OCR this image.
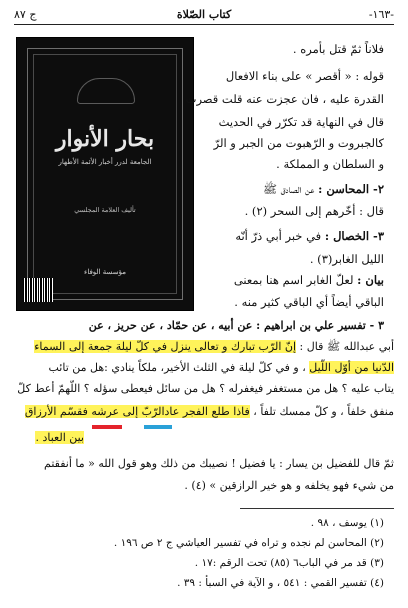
-١٦٣-
كتاب الصّلاة
ج ٨٧
بحار الأنوار
الجامعة لدرر أخبار الأئمة الأطهار
تأليف العلامة المجلسي
مؤسسة الوفاء
فلاناً ثمّ قتل بأمره .
قوله : « أقصر » على بناء الافعال
القدرة عليه ، فان عجزت عنه قلت قصرت
قال في النهاية قد تكرّر في الحديث
كالجبروت و الرّهبوت من الجبر و الرّ
و السلطان و المملكة .
٢- المحاسن : عن الصادق ﷺ
قال : أخّرهم إلى السحر (٢) .
٣- الخصال : في خبر أبي ذرّ أنّه
الليل الغابر(٣) .
بيان : لعلّ الغابر اسم هنا بمعنى
الباقي أيضاً أي الباقي كثير منه .
٣ - تفسير علي بن ابراهيم : عن أبيه ، عن حمّاد ، عن حريز ، عن
أبي عبدالله ﷺ قال : إنّ الرّب تبارك و تعالى ينزل في كلّ ليلة جمعة إلى السماء
الدّنيا من أوّل اللّيل ، و في كلّ ليلة في الثلث الأخير، ملكاً ينادي :هل من تائب
يتاب عليه ؟ هل من مستغفر فيغفرله ؟ هل من سائل فيعطى سؤله ؟ اللّهمّ أعط كلّ
منفق خلفاً ، و كلّ ممسك تلفاً ، فاذا طلع الفجر عادالرّبّ إلى عرشه فقسّم الأرزاق
بين العباد .
ثمّ قال للفضيل بن يسار : يا فضيل ! نصيبك من ذلك وهو قول الله « ما أنفقتم
من شيء فهو يخلفه و هو خير الرازقين » (٤) .
(١) يوسف ، ٩٨ .
(٢) المحاسن لم نجده و تراه في تفسير العياشي ج ٢ ص ١٩٦ .
(٣) قد مر في الباب٦ (٨٥) تحت الرقم :١٧ .
(٤) تفسير القمي : ٥٤١ ، و الآية في السبأ : ٣٩ .
